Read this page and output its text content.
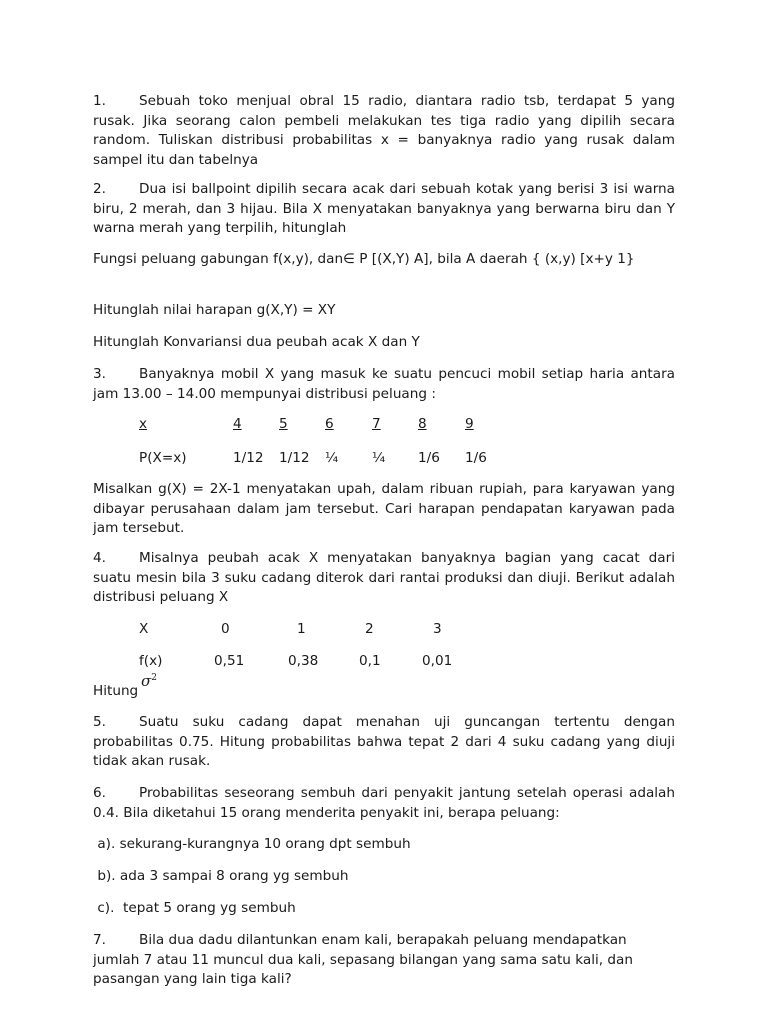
1. Sebuah toko menjual obral 15 radio, diantara radio tsb, terdapat 5 yang rusak. Jika seorang calon pembeli melakukan tes tiga radio yang dipilih secara random. Tuliskan distribusi probabilitas x = banyaknya radio yang rusak dalam sampel itu dan tabelnya

2. Dua isi ballpoint dipilih secara acak dari sebuah kotak yang berisi 3 isi warna biru, 2 merah, dan 3 hijau. Bila X menyatakan banyaknya yang berwarna biru dan Y warna merah yang terpilih, hitunglah

Fungsi peluang gabungan f(x,y), dan∈ P [(X,Y) A], bila A daerah { (x,y) [x+y 1}

Hitunglah nilai harapan g(X,Y) = XY

Hitunglah Konvariansi dua peubah acak X dan Y

3. Banyaknya mobil X yang masuk ke suatu pencuci mobil setiap haria antara jam 13.00 – 14.00 mempunyai distribusi peluang :

x	4	5	6	7	8	9

P(X=x)	1/12	1/12	¼	¼	1/6	1/6

Misalkan g(X) = 2X-1 menyatakan upah, dalam ribuan rupiah, para karyawan yang dibayar perusahaan dalam jam tersebut. Cari harapan pendapatan karyawan pada jam tersebut.

4. Misalnya peubah acak X menyatakan banyaknya bagian yang cacat dari suatu mesin bila 3 suku cadang diterok dari rantai produksi dan diuji. Berikut adalah distribusi peluang X

X	0	1	2	3

f(x)	0,51	0,38	0,1	0,01
$\sigma^2$

Hitung

5. Suatu suku cadang dapat menahan uji guncangan tertentu dengan probabilitas 0.75. Hitung probabilitas bahwa tepat 2 dari 4 suku cadang yang diuji tidak akan rusak.

6. Probabilitas seseorang sembuh dari penyakit jantung setelah operasi adalah 0.4. Bila diketahui 15 orang menderita penyakit ini, berapa peluang:

a). sekurang-kurangnya 10 orang dpt sembuh

b). ada 3 sampai 8 orang yg sembuh

c).  tepat 5 orang yg sembuh

7. Bila dua dadu dilantunkan enam kali, berapakah peluang mendapatkan jumlah 7 atau 11 muncul dua kali, sepasang bilangan yang sama satu kali, dan pasangan yang lain tiga kali?
